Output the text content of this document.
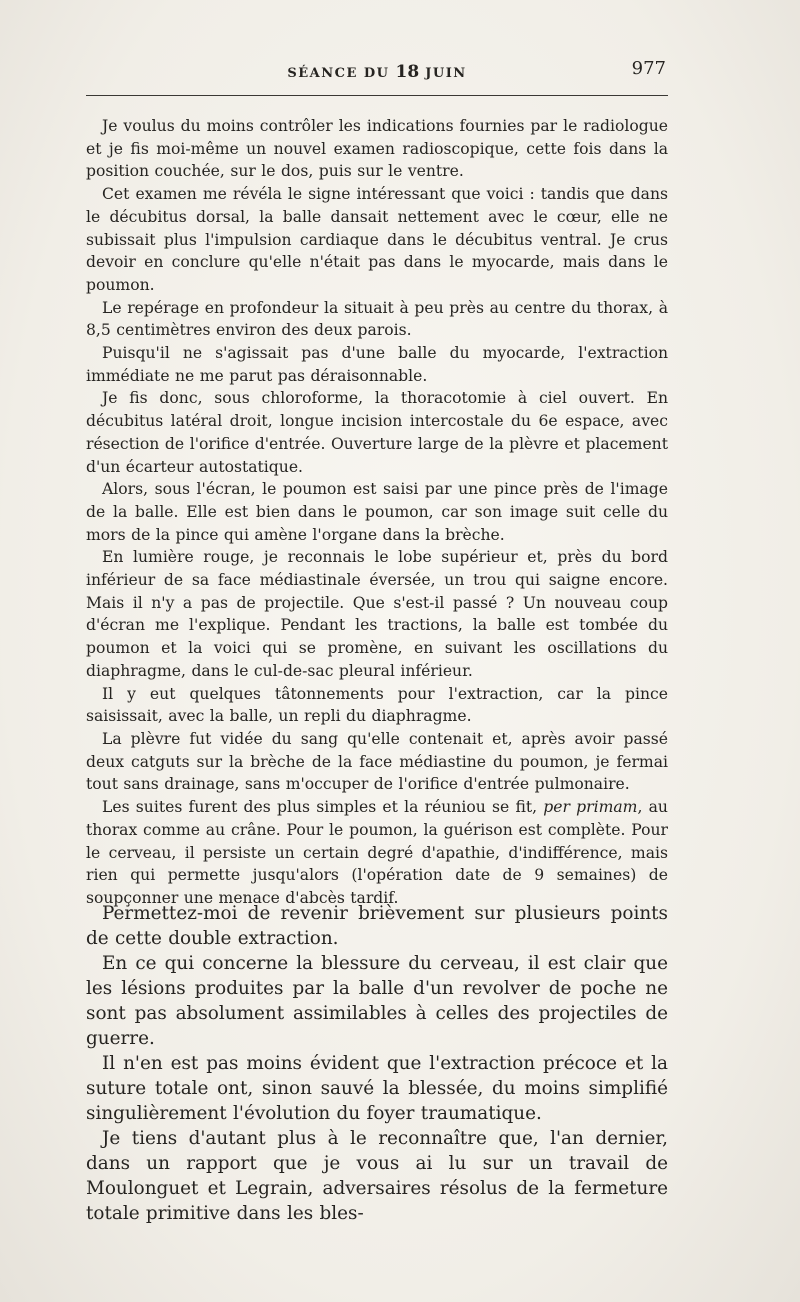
SÉANCE DU 18 JUIN	977

Je voulus du moins contrôler les indications fournies par le radiologue et je fis moi-même un nouvel examen radioscopique, cette fois dans la position couchée, sur le dos, puis sur le ventre.

Cet examen me révéla le signe intéressant que voici : tandis que dans le décubitus dorsal, la balle dansait nettement avec le cœur, elle ne subissait plus l'impulsion cardiaque dans le décubitus ventral. Je crus devoir en conclure qu'elle n'était pas dans le myocarde, mais dans le poumon.

Le repérage en profondeur la situait à peu près au centre du thorax, à 8,5 centimètres environ des deux parois.

Puisqu'il ne s'agissait pas d'une balle du myocarde, l'extraction immédiate ne me parut pas déraisonnable.

Je fis donc, sous chloroforme, la thoracotomie à ciel ouvert. En décubitus latéral droit, longue incision intercostale du 6e espace, avec résection de l'orifice d'entrée. Ouverture large de la plèvre et placement d'un écarteur autostatique.

Alors, sous l'écran, le poumon est saisi par une pince près de l'image de la balle. Elle est bien dans le poumon, car son image suit celle du mors de la pince qui amène l'organe dans la brèche.

En lumière rouge, je reconnais le lobe supérieur et, près du bord inférieur de sa face médiastinale éversée, un trou qui saigne encore. Mais il n'y a pas de projectile. Que s'est-il passé ? Un nouveau coup d'écran me l'explique. Pendant les tractions, la balle est tombée du poumon et la voici qui se promène, en suivant les oscillations du diaphragme, dans le cul-de-sac pleural inférieur.

Il y eut quelques tâtonnements pour l'extraction, car la pince saisissait, avec la balle, un repli du diaphragme.

La plèvre fut vidée du sang qu'elle contenait et, après avoir passé deux catguts sur la brèche de la face médiastine du poumon, je fermai tout sans drainage, sans m'occuper de l'orifice d'entrée pulmonaire.

Les suites furent des plus simples et la réuniou se fit, per primam, au thorax comme au crâne. Pour le poumon, la guérison est complète. Pour le cerveau, il persiste un certain degré d'apathie, d'indifférence, mais rien qui permette jusqu'alors (l'opération date de 9 semaines) de soupçonner une menace d'abcès tardif.

Permettez-moi de revenir brièvement sur plusieurs points de cette double extraction.

En ce qui concerne la blessure du cerveau, il est clair que les lésions produites par la balle d'un revolver de poche ne sont pas absolument assimilables à celles des projectiles de guerre.

Il n'en est pas moins évident que l'extraction précoce et la suture totale ont, sinon sauvé la blessée, du moins simplifié singulièrement l'évolution du foyer traumatique.

Je tiens d'autant plus à le reconnaître que, l'an dernier, dans un rapport que je vous ai lu sur un travail de Moulonguet et Legrain, adversaires résolus de la fermeture totale primitive dans les bles-
